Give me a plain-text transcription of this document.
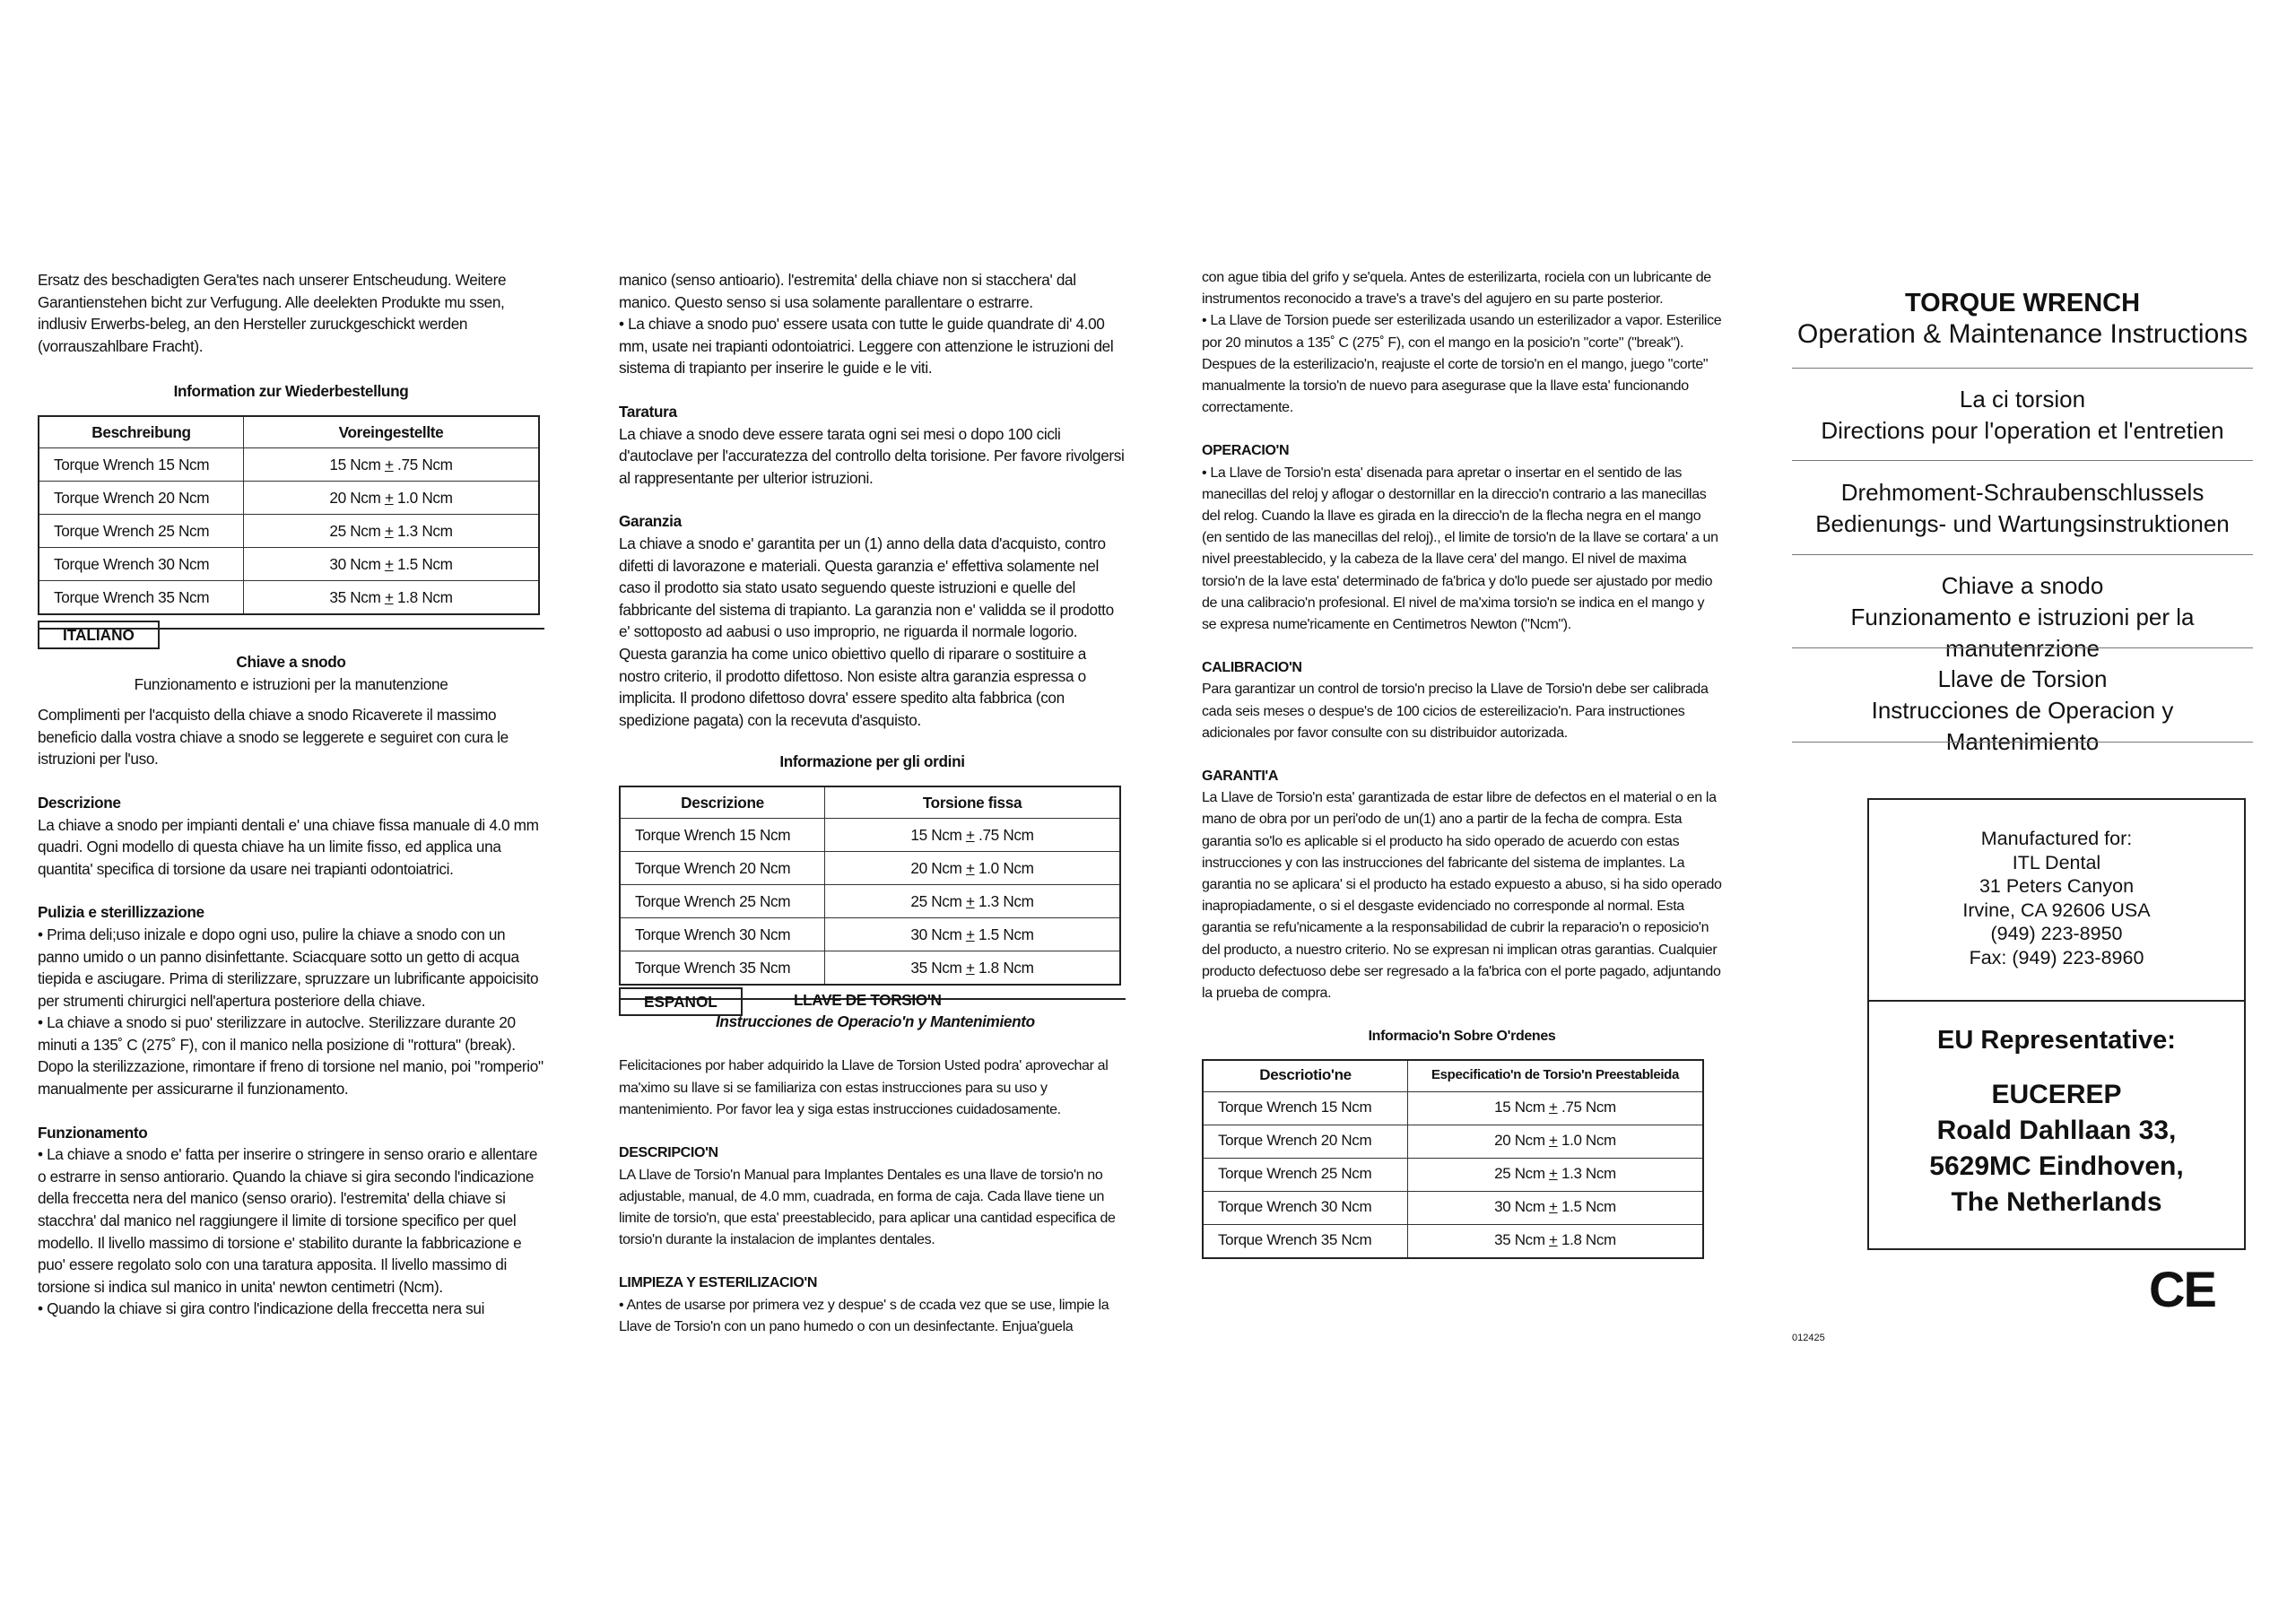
Ersatz des beschadigten Gera'tes nach unserer Entscheudung. Weitere Garantienstehen bicht zur Verfugung. Alle deelekten Produkte mu ssen, indlusiv Erwerbs-beleg, an den Hersteller zuruckgeschickt werden (vorrauszahlbare Fracht).

Information zur Wiederbestellung

Beschreibung	Voreingestellte
Torque Wrench 15 Ncm	15 Ncm + .75 Ncm
Torque Wrench 20 Ncm	20 Ncm + 1.0 Ncm
Torque Wrench 25 Ncm	25 Ncm + 1.3 Ncm
Torque Wrench 30 Ncm	30 Ncm + 1.5 Ncm
Torque Wrench 35 Ncm	35 Ncm + 1.8 Ncm
ITALIANO

Chiave a snodo

Funzionamento e istruzioni per la manutenzione

Complimenti per l'acquisto della chiave a snodo Ricaverete il massimo beneficio dalla vostra chiave a snodo se leggerete e seguiret con cura le istruzioni per l'uso.

Descrizione

La chiave a snodo per impianti dentali e' una chiave fissa manuale di 4.0 mm quadri. Ogni modello di questa chiave ha un limite fisso, ed applica una quantita' specifica di torsione da usare nei trapianti odontoiatrici.

Pulizia e sterillizzazione

• Prima deli;uso inizale e dopo ogni uso, pulire la chiave a snodo con un panno umido o un panno disinfettante. Sciacquare sotto un getto di acqua tiepida e asciugare. Prima di sterilizzare, spruzzare un lubrificante appoicisito per strumenti chirurgici nell'apertura posteriore della chiave.

• La chiave a snodo si puo' sterilizzare in autoclve. Sterilizzare durante 20 minuti a 135˚ C (275˚ F), con il manico nella posizione di "rottura" (break). Dopo la sterilizzazione, rimontare if freno di torsione nel manio, poi "romperio" manualmente per assicurarne il funzionamento.

Funzionamento

• La chiave a snodo e' fatta per inserire o stringere in senso orario e allentare o estrarre in senso antiorario. Quando la chiave si gira secondo l'indicazione della freccetta nera del manico (senso orario). l'estremita' della chiave si stacchra' dal manico nel raggiungere il limite di torsione specifico per quel modello. Il livello massimo di torsione e' stabilito durante la fabbricazione e puo' essere regolato solo con una taratura apposita. Il livello massimo di torsione si indica sul manico in unita' newton centimetri (Ncm).

• Quando la chiave si gira contro l'indicazione della freccetta nera sui

manico (senso antioario). l'estremita' della chiave non si stacchera' dal manico. Questo senso si usa solamente parallentare o estrarre.

• La chiave a snodo puo' essere usata con tutte le guide quandrate di' 4.00 mm, usate nei trapianti odontoiatrici. Leggere con attenzione le istruzioni del sistema di trapianto per inserire le guide e le viti.

Taratura

La chiave a snodo deve essere tarata ogni sei mesi o dopo 100 cicli d'autoclave per l'accuratezza del controllo delta torisione. Per favore rivolgersi al rappresentante per ulterior istruzioni.

Garanzia

La chiave a snodo e' garantita per un (1) anno della data d'acquisto, contro difetti di lavorazone e materiali. Questa garanzia e' effettiva solamente nel caso il prodotto sia stato usato seguendo queste istruzioni e quelle del fabbricante del sistema di trapianto. La garanzia non e' validda se il prodotto e' sottoposto ad aabusi o uso improprio, ne riguarda il normale logorio. Questa garanzia ha come unico obiettivo quello di riparare o sostituire a nostro criterio, il prodotto difettoso. Non esiste altra garanzia espressa o implicita. Il prodono difettoso dovra' essere spedito alta fabbrica (con spedizione pagata) con la recevuta d'asquisto.

Informazione per gli ordini

Descrizione	Torsione fissa
Torque Wrench 15 Ncm	15 Ncm + .75 Ncm
Torque Wrench 20 Ncm	20 Ncm + 1.0 Ncm
Torque Wrench 25 Ncm	25 Ncm + 1.3 Ncm
Torque Wrench 30 Ncm	30 Ncm + 1.5 Ncm
Torque Wrench 35 Ncm	35 Ncm + 1.8 Ncm
ESPANOL	LLAVE DE TORSIO'N

Instrucciones de Operacio'n y Mantenimiento

Felicitaciones por haber adquirido la Llave de Torsion Usted podra' aprovechar al ma'ximo su llave si se familiariza con estas instrucciones para su uso y mantenimiento. Por favor lea y siga estas instrucciones cuidadosamente.

DESCRIPCIO'N

LA Llave de Torsio'n Manual para Implantes Dentales es una llave de torsio'n no adjustable, manual, de 4.0 mm, cuadrada, en forma de caja. Cada llave tiene un limite de torsio'n, que esta' preestablecido, para aplicar una cantidad especifica de torsio'n durante la instalacion de implantes dentales.

LIMPIEZA Y ESTERILIZACIO'N

• Antes de usarse por primera vez y despue' s de ccada vez que se use, limpie la Llave de Torsio'n con un pano humedo o con un desinfectante. Enjua'guela

con ague tibia del grifo y se'quela. Antes de esterilizarta, rociela con un lubricante de instrumentos reconocido a trave's a trave's del agujero en su parte posterior.

• La Llave de Torsion puede ser esterilizada usando un esterilizador a vapor. Esterilice por 20 minutos a 135˚ C (275˚ F), con el mango en la posicio'n "corte" ("break"). Despues de la esterilizacio'n, reajuste el corte de torsio'n en el mango, juego "corte" manualmente la torsio'n de nuevo para asegurase que la llave esta' funcionando correctamente.

OPERACIO'N

• La Llave de Torsio'n esta' disenada para apretar o insertar en el sentido de las manecillas del reloj y aflogar o destornillar en la direccio'n contrario a las manecillas del relog. Cuando la llave es girada en la direccio'n de la flecha negra en el mango (en sentido de las manecillas del reloj)., el limite de torsio'n de la llave se cortara' a un nivel preestablecido, y la cabeza de la llave cera' del mango. El nivel de maxima torsio'n de la lave esta' determinado de fa'brica y do'lo puede ser ajustado por medio de una calibracio'n profesional. El nivel de ma'xima torsio'n se indica en el mango y se expresa nume'ricamente en Centimetros Newton ("Ncm").

CALIBRACIO'N

Para garantizar un control de torsio'n preciso la Llave de Torsio'n debe ser calibrada cada seis meses o despue's de 100 cicios de estereilizacio'n. Para instructiones adicionales por favor consulte con su distribuidor autorizada.

GARANTI'A

La Llave de Torsio'n esta' garantizada de estar libre de defectos en el material o en la mano de obra por un peri'odo de un(1) ano a partir de la fecha de compra. Esta garantia so'lo es aplicable si el producto ha sido operado de acuerdo con estas instrucciones y con las instrucciones del fabricante del sistema de implantes. La garantia no se aplicara' si el producto ha estado expuesto a abuso, si ha sido operado inapropiadamente, o si el desgaste evidenciado no corresponde al normal. Esta garantia se refu'nicamente a la responsabilidad de cubrir la reparacio'n o reposicio'n del producto, a nuestro criterio. No se expresan ni implican otras garantias. Cualquier producto defectuoso debe ser regresado a la fa'brica con el porte pagado, adjuntando la prueba de compra.

Informacio'n Sobre O'rdenes

Descriotio'ne	Especificatio'n de Torsio'n Preestableida
Torque Wrench 15 Ncm	15 Ncm + .75 Ncm
Torque Wrench 20 Ncm	20 Ncm + 1.0 Ncm
Torque Wrench 25 Ncm	25 Ncm + 1.3 Ncm
Torque Wrench 30 Ncm	30 Ncm + 1.5 Ncm
Torque Wrench 35 Ncm	35 Ncm + 1.8 Ncm
TORQUE WRENCH
Operation & Maintenance Instructions
La ci torsion
Directions pour l'operation et l'entretien
Drehmoment-Schraubenschlussels
Bedienungs- und Wartungsinstruktionen
Chiave a snodo
Funzionamento e istruzioni per la manutenrzione
Llave de Torsion
Instrucciones de Operacion y Mantenimiento
Manufactured for:
ITL Dental
31 Peters Canyon
Irvine, CA 92606 USA
(949) 223-8950
Fax: (949) 223-8960
EU Representative:
EUCEREP
Roald Dahllaan 33,
5629MC Eindhoven,
The Netherlands
CE
012425
